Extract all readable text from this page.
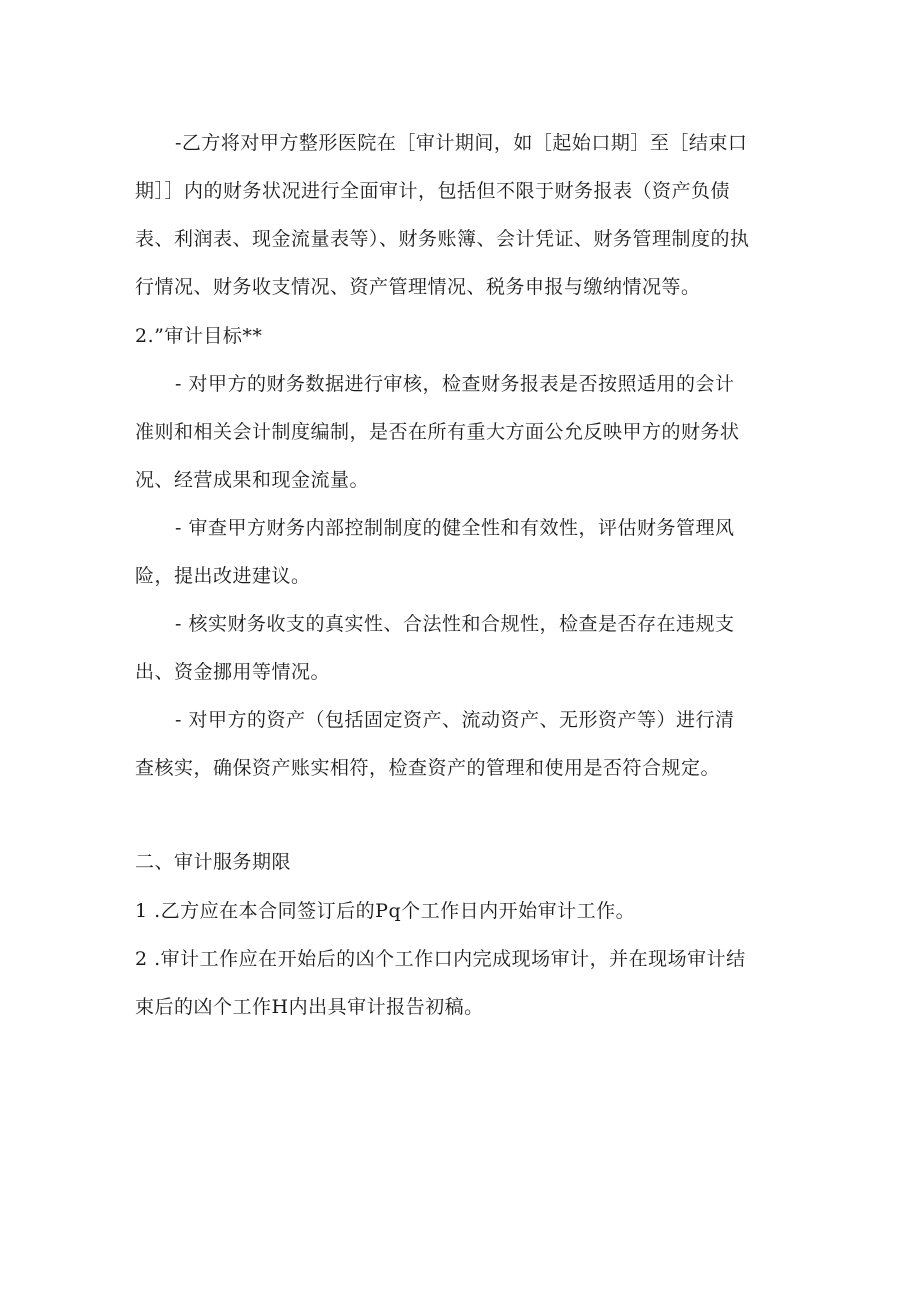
-乙方将对甲方整形医院在［审计期间，如［起始口期］至［结束口
期］］内的财务状况进行全面审计，包括但不限于财务报表（资产负债
表、利润表、现金流量表等）、财务账簿、会计凭证、财务管理制度的执
行情况、财务收支情况、资产管理情况、税务申报与缴纳情况等。
2.”审计目标**
- 对甲方的财务数据进行审核，检查财务报表是否按照适用的会计
准则和相关会计制度编制，是否在所有重大方面公允反映甲方的财务状
况、经营成果和现金流量。
- 审查甲方财务内部控制制度的健全性和有效性，评估财务管理风
险，提出改进建议。
- 核实财务收支的真实性、合法性和合规性，检查是否存在违规支
出、资金挪用等情况。
- 对甲方的资产（包括固定资产、流动资产、无形资产等）进行清
查核实，确保资产账实相符，检查资产的管理和使用是否符合规定。
二、审计服务期限
1 .乙方应在本合同签订后的Pq个工作日内开始审计工作。
2 .审计工作应在开始后的凶个工作口内完成现场审计，并在现场审计结
束后的凶个工作H内出具审计报告初稿。
